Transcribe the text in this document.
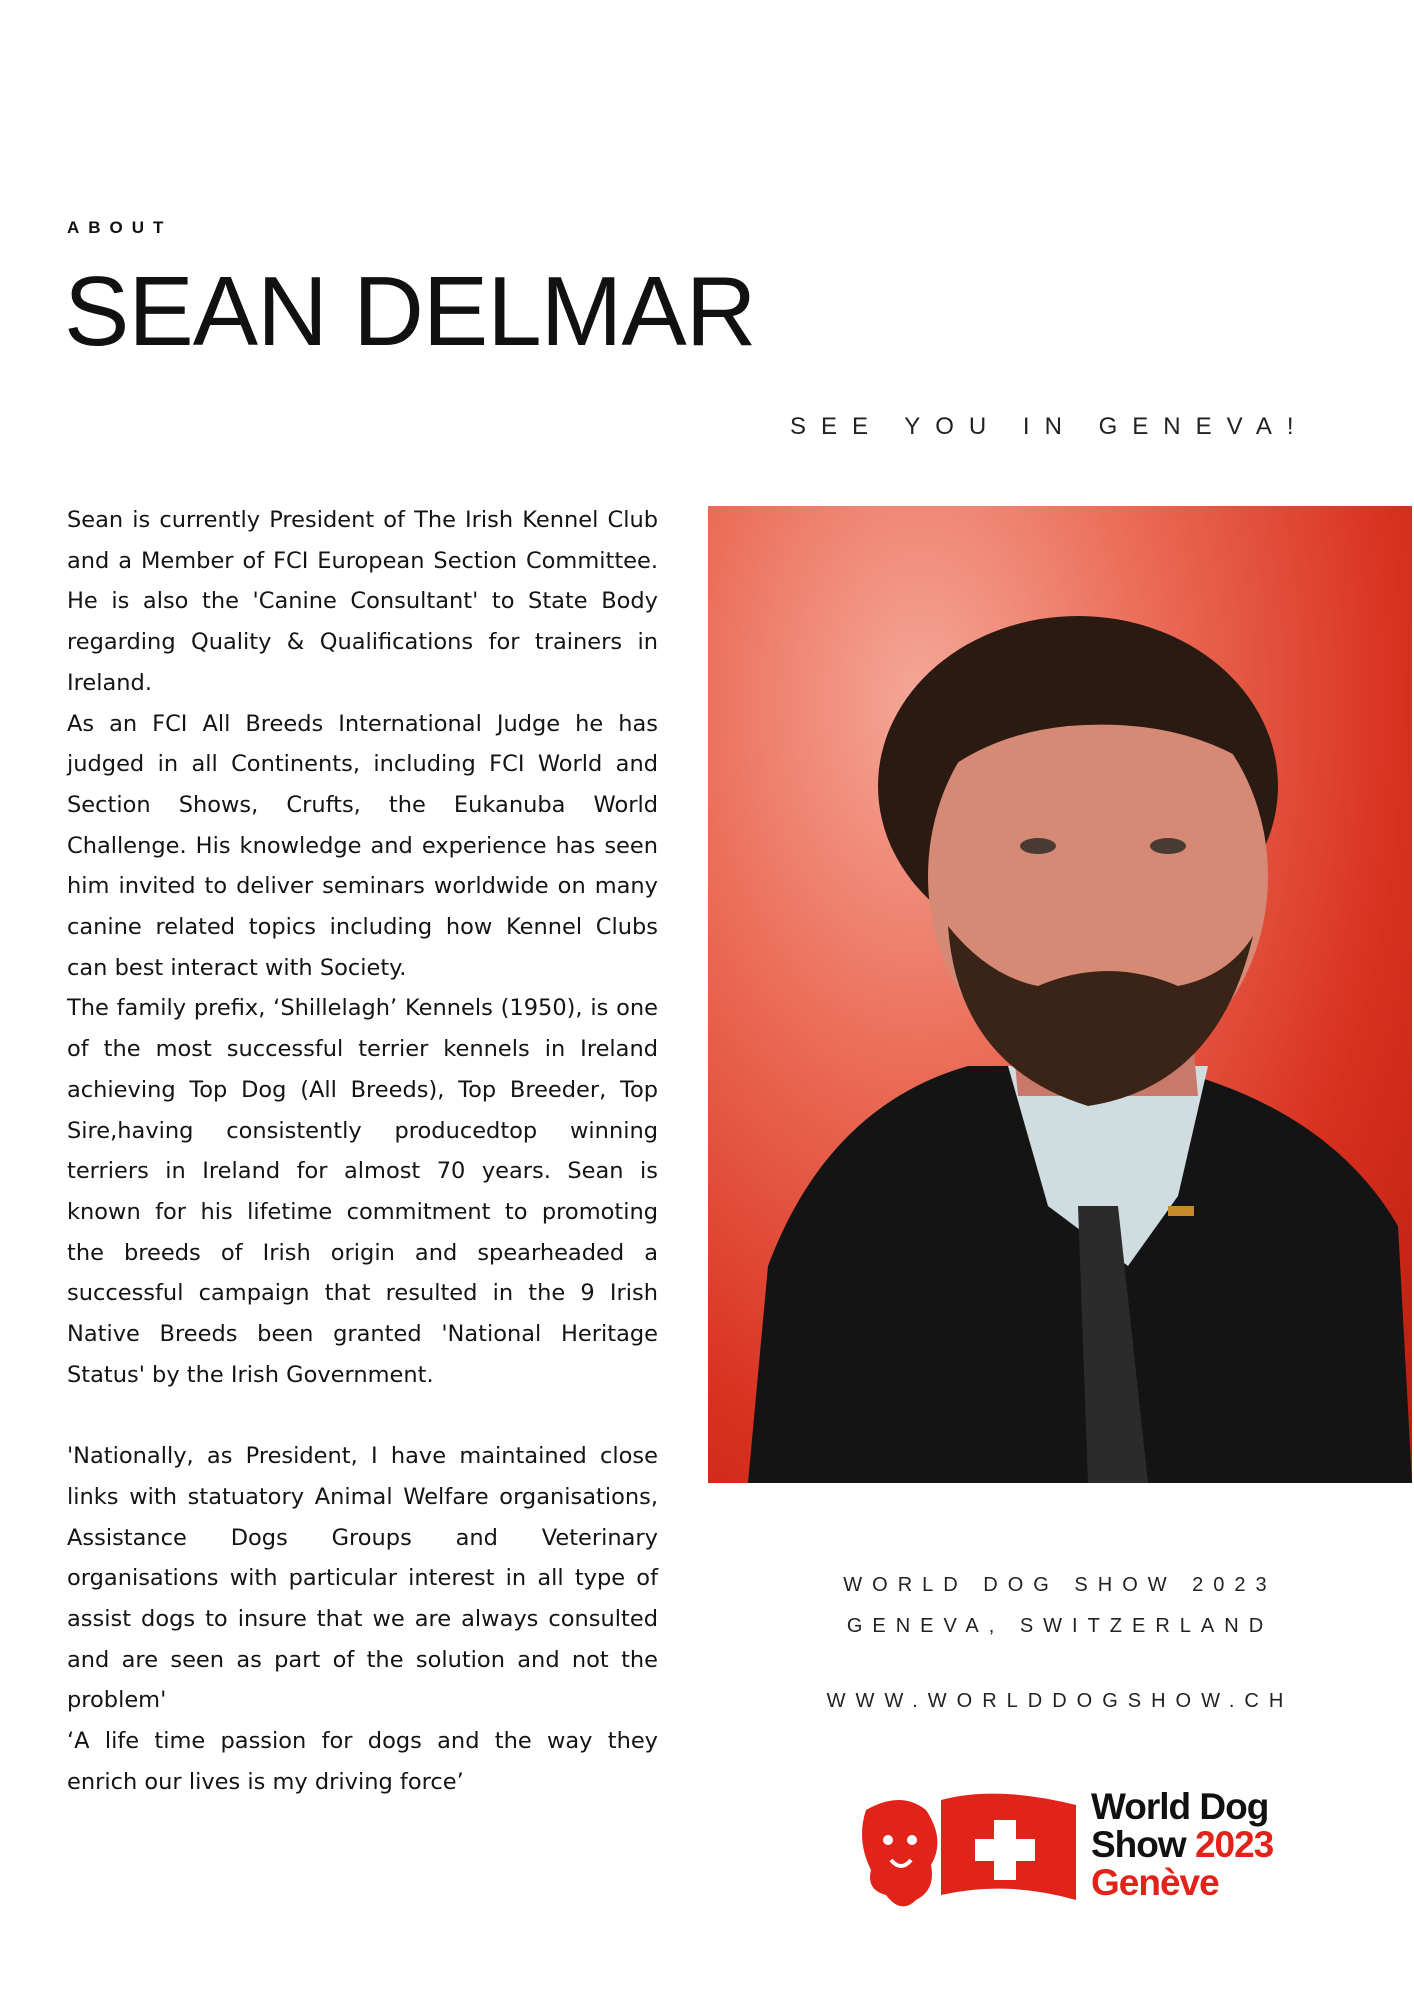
ABOUT
SEAN DELMAR
SEE YOU IN GENEVA!

Sean is currently President of The Irish Kennel Club and a Member of FCI European Section Committee. He is also the 'Canine Consultant' to State Body regarding Quality & Qualifications for trainers in Ireland.

As an FCI All Breeds International Judge he has judged in all Continents, including FCI World and Section Shows, Crufts, the Eukanuba World Challenge. His knowledge and experience has seen him invited to deliver seminars worldwide on many canine related topics including how Kennel Clubs can best interact with Society.

The family prefix, ‘Shillelagh’ Kennels (1950), is one of the most successful terrier kennels in Ireland achieving Top Dog (All Breeds), Top Breeder, Top Sire,having consistently producedtop winning terriers in Ireland for almost 70 years. Sean is known for his lifetime commitment to promoting the breeds of Irish origin and spearheaded a successful campaign that resulted in the 9 Irish Native Breeds been granted 'National Heritage Status' by the Irish Government.

'Nationally, as President, I have maintained close links with statuatory Animal Welfare organisations, Assistance Dogs Groups and Veterinary organisations with particular interest in all type of assist dogs to insure that we are always consulted and are seen as part of the solution and not the problem'

‘A life time passion for dogs and the way they enrich our lives is my driving force’

WORLD DOG SHOW 2023
GENEVA, SWITZERLAND
WWW.WORLDDOGSHOW.CH
World Dog
Show 2023
Genève
